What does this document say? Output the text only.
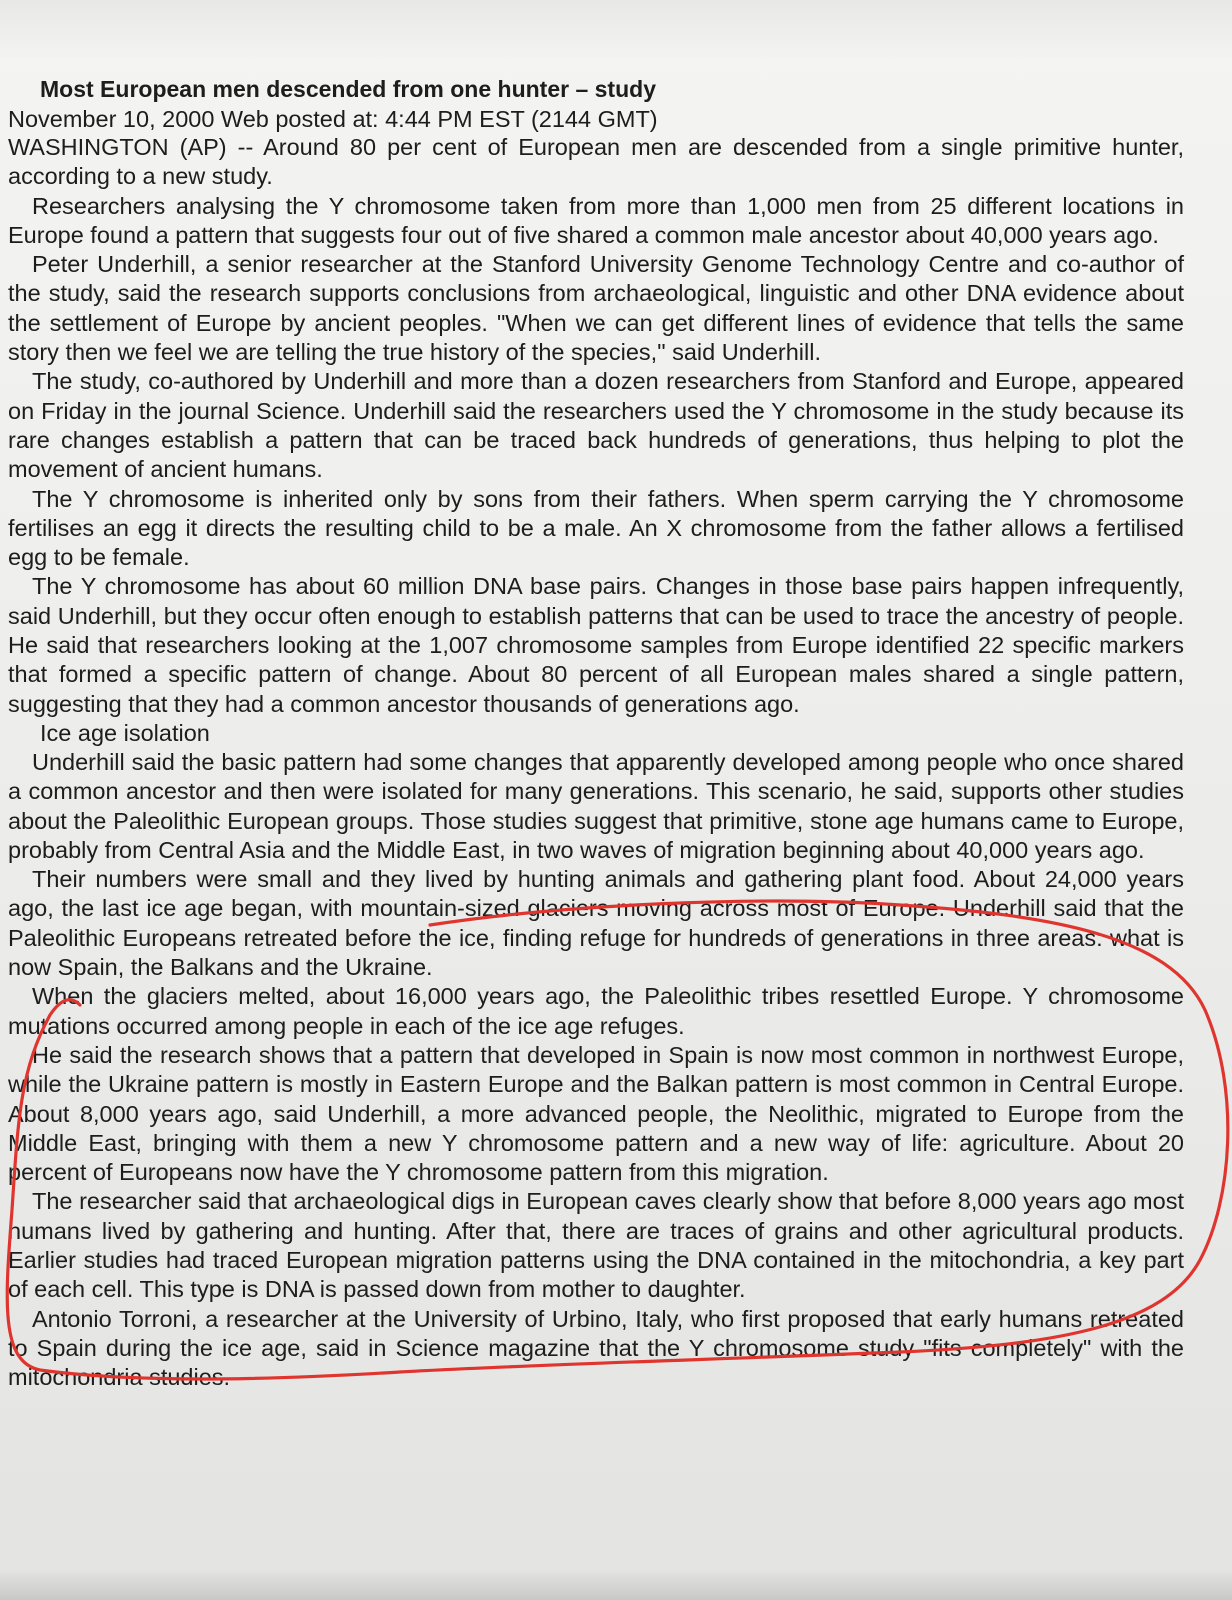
Most European men descended from one hunter – study

November 10, 2000 Web posted at: 4:44 PM EST (2144 GMT)

WASHINGTON (AP) -- Around 80 per cent of European men are descended from a single primitive hunter, according to a new study.

Researchers analysing the Y chromosome taken from more than 1,000 men from 25 different locations in Europe found a pattern that suggests four out of five shared a common male ancestor about 40,000 years ago.

Peter Underhill, a senior researcher at the Stanford University Genome Technology Centre and co-author of the study, said the research supports conclusions from archaeological, linguistic and other DNA evidence about the settlement of Europe by ancient peoples. "When we can get different lines of evidence that tells the same story then we feel we are telling the true history of the species," said Underhill.

The study, co-authored by Underhill and more than a dozen researchers from Stanford and Europe, appeared on Friday in the journal Science. Underhill said the researchers used the Y chromosome in the study because its rare changes establish a pattern that can be traced back hundreds of generations, thus helping to plot the movement of ancient humans.

The Y chromosome is inherited only by sons from their fathers. When sperm carrying the Y chromosome fertilises an egg it directs the resulting child to be a male. An X chromosome from the father allows a fertilised egg to be female.

The Y chromosome has about 60 million DNA base pairs. Changes in those base pairs happen infrequently, said Underhill, but they occur often enough to establish patterns that can be used to trace the ancestry of people. He said that researchers looking at the 1,007 chromosome samples from Europe identified 22 specific markers that formed a specific pattern of change. About 80 percent of all European males shared a single pattern, suggesting that they had a common ancestor thousands of generations ago.

Ice age isolation

Underhill said the basic pattern had some changes that apparently developed among people who once shared a common ancestor and then were isolated for many generations. This scenario, he said, supports other studies about the Paleolithic European groups. Those studies suggest that primitive, stone age humans came to Europe, probably from Central Asia and the Middle East, in two waves of migration beginning about 40,000 years ago.

Their numbers were small and they lived by hunting animals and gathering plant food. About 24,000 years ago, the last ice age began, with mountain-sized glaciers moving across most of Europe. Underhill said that the Paleolithic Europeans retreated before the ice, finding refuge for hundreds of generations in three areas: what is now Spain, the Balkans and the Ukraine.

When the glaciers melted, about 16,000 years ago, the Paleolithic tribes resettled Europe. Y chromosome mutations occurred among people in each of the ice age refuges.

He said the research shows that a pattern that developed in Spain is now most common in northwest Europe, while the Ukraine pattern is mostly in Eastern Europe and the Balkan pattern is most common in Central Europe. About 8,000 years ago, said Underhill, a more advanced people, the Neolithic, migrated to Europe from the Middle East, bringing with them a new Y chromosome pattern and a new way of life: agriculture. About 20 percent of Europeans now have the Y chromosome pattern from this migration.

The researcher said that archaeological digs in European caves clearly show that before 8,000 years ago most humans lived by gathering and hunting. After that, there are traces of grains and other agricultural products. Earlier studies had traced European migration patterns using the DNA contained in the mitochondria, a key part of each cell. This type is DNA is passed down from mother to daughter.

Antonio Torroni, a researcher at the University of Urbino, Italy, who first proposed that early humans retreated to Spain during the ice age, said in Science magazine that the Y chromosome study "fits completely" with the mitochondria studies.
